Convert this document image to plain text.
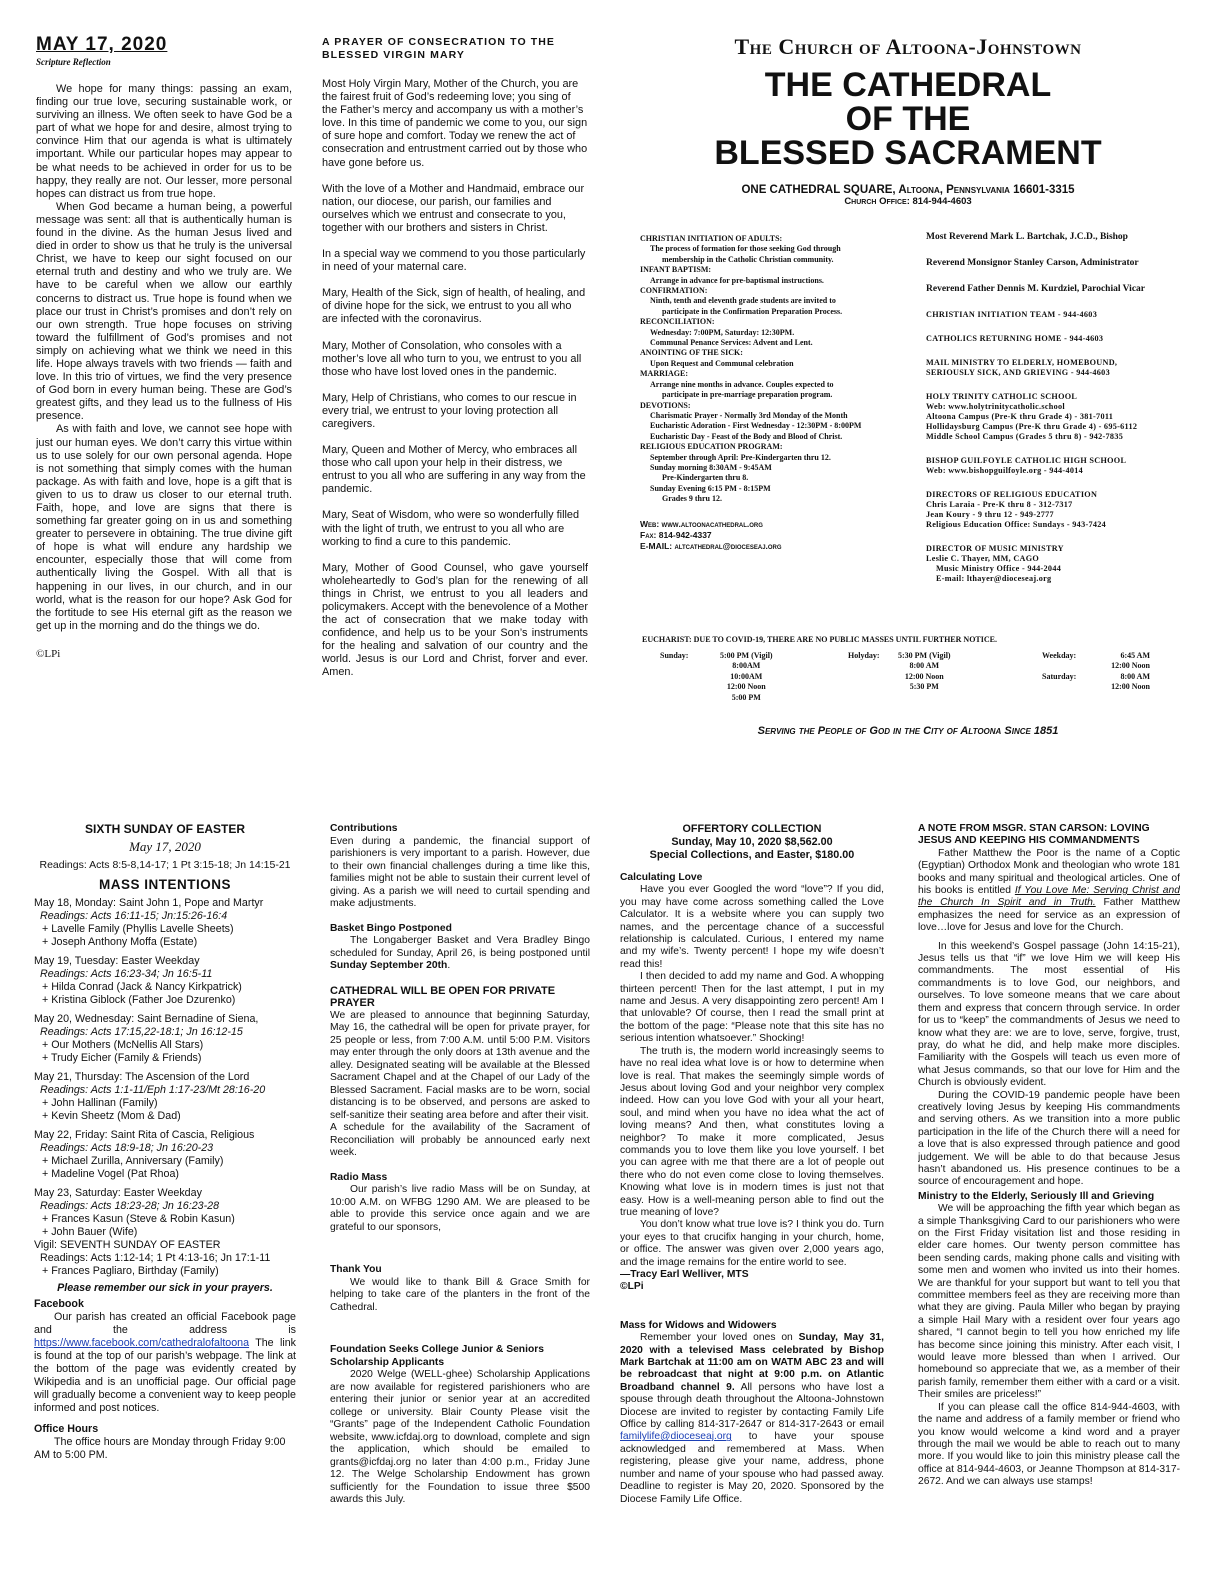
MAY 17, 2020
Scripture Reflection

We hope for many things: passing an exam, finding our true love, securing sustainable work, or surviving an illness. We often seek to have God be a part of what we hope for and desire, almost trying to convince Him that our agenda is what is ultimately important. While our particular hopes may appear to be what needs to be achieved in order for us to be happy, they really are not. Our lesser, more personal hopes can distract us from true hope.

When God became a human being, a powerful message was sent: all that is authentically human is found in the divine. As the human Jesus lived and died in order to show us that he truly is the universal Christ, we have to keep our sight focused on our eternal truth and destiny and who we truly are. We have to be careful when we allow our earthly concerns to distract us. True hope is found when we place our trust in Christ’s promises and don’t rely on our own strength. True hope focuses on striving toward the fulfillment of God’s promises and not simply on achieving what we think we need in this life. Hope always travels with two friends — faith and love. In this trio of virtues, we find the very presence of God born in every human being. These are God’s greatest gifts, and they lead us to the fullness of His presence.

As with faith and love, we cannot see hope with just our human eyes. We don’t carry this virtue within us to use solely for our own personal agenda. Hope is not something that simply comes with the human package. As with faith and love, hope is a gift that is given to us to draw us closer to our eternal truth. Faith, hope, and love are signs that there is something far greater going on in us and something greater to persevere in obtaining. The true divine gift of hope is what will endure any hardship we encounter, especially those that will come from authentically living the Gospel. With all that is happening in our lives, in our church, and in our world, what is the reason for our hope? Ask God for the fortitude to see His eternal gift as the reason we get up in the morning and do the things we do.

©LPi
A PRAYER OF CONSECRATION TO THE BLESSED VIRGIN MARY

Most Holy Virgin Mary, Mother of the Church, you are the fairest fruit of God’s redeeming love; you sing of the Father’s mercy and accompany us with a mother’s love. In this time of pandemic we come to you, our sign of sure hope and comfort. Today we renew the act of consecration and entrustment carried out by those who have gone before us.

With the love of a Mother and Handmaid, embrace our nation, our diocese, our parish, our families and ourselves which we entrust and consecrate to you, together with our brothers and sisters in Christ.

In a special way we commend to you those particularly in need of your maternal care.

Mary, Health of the Sick, sign of health, of healing, and of divine hope for the sick, we entrust to you all who are infected with the coronavirus.

Mary, Mother of Consolation, who consoles with a mother’s love all who turn to you, we entrust to you all those who have lost loved ones in the pandemic.

Mary, Help of Christians, who comes to our rescue in every trial, we entrust to your loving protection all caregivers.

Mary, Queen and Mother of Mercy, who embraces all those who call upon your help in their distress, we entrust to you all who are suffering in any way from the pandemic.

Mary, Seat of Wisdom, who were so wonderfully filled with the light of truth, we entrust to you all who are working to find a cure to this pandemic.

Mary, Mother of Good Counsel, who gave yourself wholeheartedly to God’s plan for the renewing of all things in Christ, we entrust to you all leaders and policymakers. Accept with the benevolence of a Mother the act of consecration that we make today with confidence, and help us to be your Son’s instruments for the healing and salvation of our country and the world. Jesus is our Lord and Christ, forver and ever. Amen.

The Church of Altoona-Johnstown
THE CATHEDRAL
OF THE
BLESSED SACRAMENT
ONE CATHEDRAL SQUARE, Altoona, Pennsylvania 16601-3315
Church Office: 814-944-4603
CHRISTIAN INITIATION OF ADULTS:
The process of formation for those seeking God through
membership in the Catholic Christian community.
INFANT BAPTISM:
Arrange in advance for pre-baptismal instructions.
CONFIRMATION:
Ninth, tenth and eleventh grade students are invited to
participate in the Confirmation Preparation Process.
RECONCILIATION:
Wednesday: 7:00PM, Saturday: 12:30PM.
Communal Penance Services: Advent and Lent.
ANOINTING OF THE SICK:
Upon Request and Communal celebration
MARRIAGE:
Arrange nine months in advance. Couples expected to
participate in pre-marriage preparation program.
DEVOTIONS:
Charismatic Prayer - Normally 3rd Monday of the Month
Eucharistic Adoration - First Wednesday - 12:30PM - 8:00PM
Eucharistic Day - Feast of the Body and Blood of Christ.
RELIGIOUS EDUCATION PROGRAM:
September through April: Pre-Kindergarten thru 12.
Sunday morning 8:30AM - 9:45AM
Pre-Kindergarten thru 8.
Sunday Evening 6:15 PM - 8:15PM
Grades 9 thru 12.
Web: www.altoonacathedral.org
Fax: 814-942-4337
E-MAIL: altcathedral@dioceseaj.org
Most Reverend Mark L. Bartchak, J.C.D., Bishop
Reverend Monsignor Stanley Carson, Administrator
Reverend Father Dennis M. Kurdziel, Parochial Vicar
CHRISTIAN INITIATION TEAM - 944-4603
CATHOLICS RETURNING HOME - 944-4603
MAIL MINISTRY TO ELDERLY, HOMEBOUND,
SERIOUSLY SICK, AND GRIEVING - 944-4603
HOLY TRINITY CATHOLIC SCHOOL
Web: www.holytrinitycatholic.school
Altoona Campus (Pre-K thru Grade 4) - 381-7011
Hollidaysburg Campus (Pre-K thru Grade 4) - 695-6112
Middle School Campus (Grades 5 thru 8) - 942-7835
BISHOP GUILFOYLE CATHOLIC HIGH SCHOOL
Web: www.bishopguilfoyle.org - 944-4014
DIRECTORS OF RELIGIOUS EDUCATION
Chris Laraia - Pre-K thru 8 - 312-7317
Jean Koury - 9 thru 12 - 949-2777
Religious Education Office: Sundays - 943-7424
DIRECTOR OF MUSIC MINISTRY
Leslie C. Thayer, MM, CAGO
Music Ministry Office - 944-2044
E-mail: lthayer@dioceseaj.org
EUCHARIST: DUE TO COVID-19, THERE ARE NO PUBLIC MASSES UNTIL FURTHER NOTICE.
Sunday:	5:00 PM (Vigil)
8:00AM
10:00AM
12:00 Noon
5:00 PM
Holyday: 5:30 PM (Vigil)
8:00 AM
12:00 Noon
5:30 PM
Weekday:
Saturday:
6:45 AM
12:00 Noon
8:00 AM
12:00 Noon
Serving the People of God in the City of Altoona Since 1851
SIXTH SUNDAY OF EASTER
May 17, 2020
Readings: Acts 8:5-8,14-17; 1 Pt 3:15-18; Jn 14:15-21
MASS INTENTIONS
May 18, Monday: Saint John 1, Pope and Martyr
Readings: Acts 16:11-15; Jn:15:26-16:4
+ Lavelle Family (Phyllis Lavelle Sheets)
+ Joseph Anthony Moffa (Estate)
May 19, Tuesday: Easter Weekday
Readings: Acts 16:23-34; Jn 16:5-11
+ Hilda Conrad (Jack & Nancy Kirkpatrick)
+ Kristina Giblock (Father Joe Dzurenko)
May 20, Wednesday: Saint Bernadine of Siena,
Readings: Acts 17:15,22-18:1; Jn 16:12-15
+ Our Mothers (McNellis All Stars)
+ Trudy Eicher (Family & Friends)
May 21, Thursday: The Ascension of the Lord
Readings: Acts 1:1-11/Eph 1:17-23/Mt 28:16-20
+ John Hallinan (Family)
+ Kevin Sheetz (Mom & Dad)
May 22, Friday: Saint Rita of Cascia, Religious
Readings: Acts 18:9-18; Jn 16:20-23
+ Michael Zurilla, Anniversary (Family)
+ Madeline Vogel (Pat Rhoa)
May 23, Saturday: Easter Weekday
Readings: Acts 18:23-28; Jn 16:23-28
+ Frances Kasun (Steve & Robin Kasun)
+ John Bauer (Wife)
Vigil: SEVENTH SUNDAY OF EASTER
Readings: Acts 1:12-14; 1 Pt 4:13-16; Jn 17:1-11
+ Frances Pagliaro, Birthday (Family)
Please remember our sick in your prayers.
Facebook

Our parish has created an official Facebook page and the address is https://www.facebook.com/cathedralofaltoona The link is found at the top of our parish’s webpage. The link at the bottom of the page was evidently created by Wikipedia and is an unofficial page. Our official page will gradually become a convenient way to keep people informed and post notices.

Office Hours

The office hours are Monday through Friday 9:00 AM to 5:00 PM.

Contributions

Even during a pandemic, the financial support of parishioners is very important to a parish. However, due to their own financial challenges during a time like this, families might not be able to sustain their current level of giving. As a parish we will need to curtail spending and make adjustments.

Basket Bingo Postponed

The Longaberger Basket and Vera Bradley Bingo scheduled for Sunday, April 26, is being postponed until Sunday September 20th.

CATHEDRAL WILL BE OPEN FOR PRIVATE PRAYER

We are pleased to announce that beginning Saturday, May 16, the cathedral will be open for private prayer, for 25 people or less, from 7:00 A.M. until 5:00 P.M. Visitors may enter through the only doors at 13th avenue and the alley. Designated seating will be available at the Blessed Sacrament Chapel and at the Chapel of our Lady of the Blessed Sacrament. Facial masks are to be worn, social distancing is to be observed, and persons are asked to self-sanitize their seating area before and after their visit.

A schedule for the availability of the Sacrament of Reconciliation will probably be announced early next week.

Radio Mass

Our parish’s live radio Mass will be on Sunday, at 10:00 A.M. on WFBG 1290 AM. We are pleased to be able to provide this service once again and we are grateful to our sponsors,

Thank You

We would like to thank Bill & Grace Smith for helping to take care of the planters in the front of the Cathedral.

Foundation Seeks College Junior & Seniors Scholarship Applicants

2020 Welge (WELL-ghee) Scholarship Applications are now available for registered parishioners who are entering their junior or senior year at an accredited college or university. Blair County Please visit the “Grants” page of the Independent Catholic Foundation website, www.icfdaj.org to download, complete and sign the application, which should be emailed to grants@icfdaj.org no later than 4:00 p.m., Friday June 12. The Welge Scholarship Endowment has grown sufficiently for the Foundation to issue three $500 awards this July.

OFFERTORY COLLECTION
Sunday, May 10, 2020 $8,562.00
Special Collections, and Easter, $180.00
Calculating Love

Have you ever Googled the word “love”? If you did, you may have come across something called the Love Calculator. It is a website where you can supply two names, and the percentage chance of a successful relationship is calculated. Curious, I entered my name and my wife’s. Twenty percent! I hope my wife doesn’t read this!

I then decided to add my name and God. A whopping thirteen percent! Then for the last attempt, I put in my name and Jesus. A very disappointing zero percent! Am I that unlovable? Of course, then I read the small print at the bottom of the page: “Please note that this site has no serious intention whatsoever.” Shocking!

The truth is, the modern world increasingly seems to have no real idea what love is or how to determine when love is real. That makes the seemingly simple words of Jesus about loving God and your neighbor very complex indeed. How can you love God with your all your heart, soul, and mind when you have no idea what the act of loving means? And then, what constitutes loving a neighbor? To make it more complicated, Jesus commands you to love them like you love yourself. I bet you can agree with me that there are a lot of people out there who do not even come close to loving themselves. Knowing what love is in modern times is just not that easy. How is a well-meaning person able to find out the true meaning of love?

You don’t know what true love is? I think you do. Turn your eyes to that crucifix hanging in your church, home, or office. The answer was given over 2,000 years ago, and the image remains for the entire world to see.

—Tracy Earl Welliver, MTS
©LPi
Mass for Widows and Widowers

Remember your loved ones on Sunday, May 31, 2020 with a televised Mass celebrated by Bishop Mark Bartchak at 11:00 am on WATM ABC 23 and will be rebroadcast that night at 9:00 p.m. on Atlantic Broadband channel 9. All persons who have lost a spouse through death throughout the Altoona-Johnstown Diocese are invited to register by contacting Family Life Office by calling 814-317-2647 or 814-317-2643 or email familylife@dioceseaj.org to have your spouse acknowledged and remembered at Mass. When registering, please give your name, address, phone number and name of your spouse who had passed away. Deadline to register is May 20, 2020. Sponsored by the Diocese Family Life Office.

A NOTE FROM MSGR. STAN CARSON: LOVING JESUS AND KEEPING HIS COMMANDMENTS

Father Matthew the Poor is the name of a Coptic (Egyptian) Orthodox Monk and theologian who wrote 181 books and many spiritual and theological articles. One of his books is entitled If You Love Me: Serving Christ and the Church In Spirit and in Truth. Father Matthew emphasizes the need for service as an expression of love…love for Jesus and love for the Church.

In this weekend’s Gospel passage (John 14:15-21), Jesus tells us that “if” we love Him we will keep His commandments. The most essential of His commandments is to love God, our neighbors, and ourselves. To love someone means that we care about them and express that concern through service. In order for us to “keep” the commandments of Jesus we need to know what they are: we are to love, serve, forgive, trust, pray, do what he did, and help make more disciples. Familiarity with the Gospels will teach us even more of what Jesus commands, so that our love for Him and the Church is obviously evident.

During the COVID-19 pandemic people have been creatively loving Jesus by keeping His commandments and serving others. As we transition into a more public participation in the life of the Church there will a need for a love that is also expressed through patience and good judgement. We will be able to do that because Jesus hasn’t abandoned us. His presence continues to be a source of encouragement and hope.

Ministry to the Elderly, Seriously Ill and Grieving

We will be approaching the fifth year which began as a simple Thanksgiving Card to our parishioners who were on the First Friday visitation list and those residing in elder care homes. Our twenty person committee has been sending cards, making phone calls and visiting with some men and women who invited us into their homes. We are thankful for your support but want to tell you that committee members feel as they are receiving more than what they are giving. Paula Miller who began by praying a simple Hail Mary with a resident over four years ago shared, “I cannot begin to tell you how enriched my life has become since joining this ministry. After each visit, I would leave more blessed than when I arrived. Our homebound so appreciate that we, as a member of their parish family, remember them either with a card or a visit. Their smiles are priceless!”

If you can please call the office 814-944-4603, with the name and address of a family member or friend who you know would welcome a kind word and a prayer through the mail we would be able to reach out to many more. If you would like to join this ministry please call the office at 814-944-4603, or Jeanne Thompson at 814-317-2672. And we can always use stamps!
